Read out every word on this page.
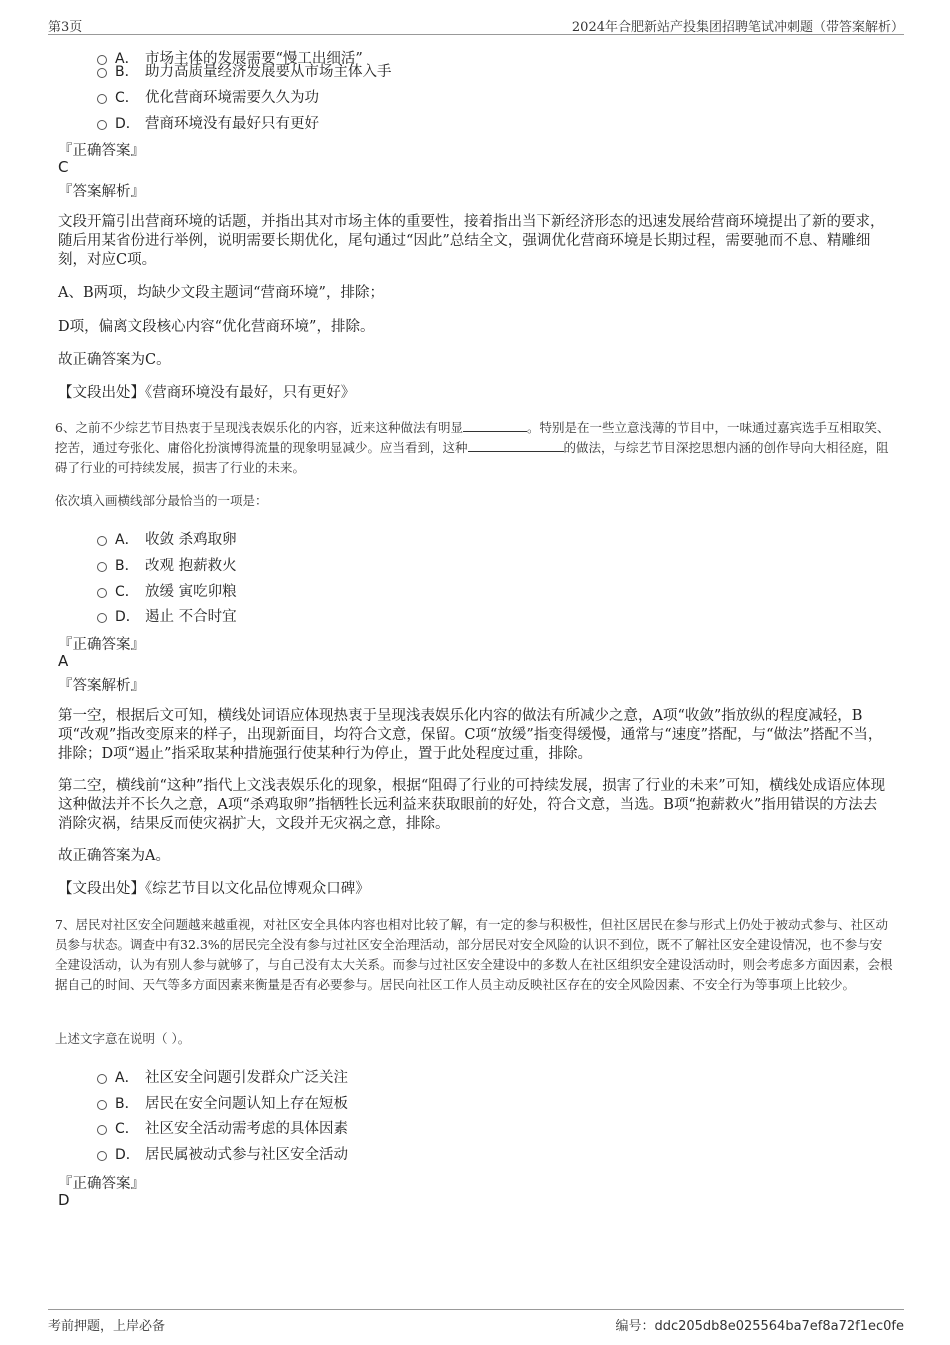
第3页	2024年合肥新站产投集团招聘笔试冲刺题（带答案解析）
A． 市场主体的发展需要“慢工出细活”
B． 助力高质量经济发展要从市场主体入手
C． 优化营商环境需要久久为功
D． 营商环境没有最好只有更好
『正确答案』
C
『答案解析』
文段开篇引出营商环境的话题，并指出其对市场主体的重要性，接着指出当下新经济形态的迅速发展给营商环境提出了新的要求，随后用某省份进行举例，说明需要长期优化，尾句通过“因此”总结全文，强调优化营商环境是长期过程，需要驰而不息、精雕细刻，对应C项。
A、B两项，均缺少文段主题词“营商环境”，排除；
D项，偏离文段核心内容“优化营商环境”，排除。
故正确答案为C。
【文段出处】《营商环境没有最好，只有更好》
6、之前不少综艺节目热衷于呈现浅表娱乐化的内容，近来这种做法有明显	。特别是在一些立意浅薄的节目中，一味通过嘉宾选手互相取笑、挖苦，通过夸张化、庸俗化扮演博得流量的现象明显减少。应当看到，这种	的做法，与综艺节目深挖思想内涵的创作导向大相径庭，阻碍了行业的可持续发展，损害了行业的未来。
依次填入画横线部分最恰当的一项是：
A． 收敛 杀鸡取卵
B． 改观 抱薪救火
C． 放缓 寅吃卯粮
D． 遏止 不合时宜
『正确答案』
A
『答案解析』
第一空，根据后文可知，横线处词语应体现热衷于呈现浅表娱乐化内容的做法有所减少之意，A项“收敛”指放纵的程度减轻，B项“改观”指改变原来的样子，出现新面目，均符合文意，保留。C项“放缓”指变得缓慢，通常与“速度”搭配，与“做法”搭配不当，排除；D项“遏止”指采取某种措施强行使某种行为停止，置于此处程度过重，排除。
第二空，横线前“这种”指代上文浅表娱乐化的现象，根据“阻碍了行业的可持续发展，损害了行业的未来”可知，横线处成语应体现这种做法并不长久之意，A项“杀鸡取卵”指牺牲长远利益来获取眼前的好处，符合文意，当选。B项“抱薪救火”指用错误的方法去消除灾祸，结果反而使灾祸扩大，文段并无灾祸之意，排除。
故正确答案为A。
【文段出处】《综艺节目以文化品位博观众口碑》
7、居民对社区安全问题越来越重视，对社区安全具体内容也相对比较了解，有一定的参与积极性，但社区居民在参与形式上仍处于被动式参与、社区动员参与状态。调查中有32.3%的居民完全没有参与过社区安全治理活动，部分居民对安全风险的认识不到位，既不了解社区安全建设情况，也不参与安全建设活动，认为有别人参与就够了，与自己没有太大关系。而参与过社区安全建设中的多数人在社区组织安全建设活动时，则会考虑多方面因素，会根据自己的时间、天气等多方面因素来衡量是否有必要参与。居民向社区工作人员主动反映社区存在的安全风险因素、不安全行为等事项上比较少。
上述文字意在说明（ ）。
A． 社区安全问题引发群众广泛关注
B． 居民在安全问题认知上存在短板
C． 社区安全活动需考虑的具体因素
D． 居民属被动式参与社区安全活动
『正确答案』
D
考前押题，上岸必备	编号：ddc205db8e025564ba7ef8a72f1ec0fe
